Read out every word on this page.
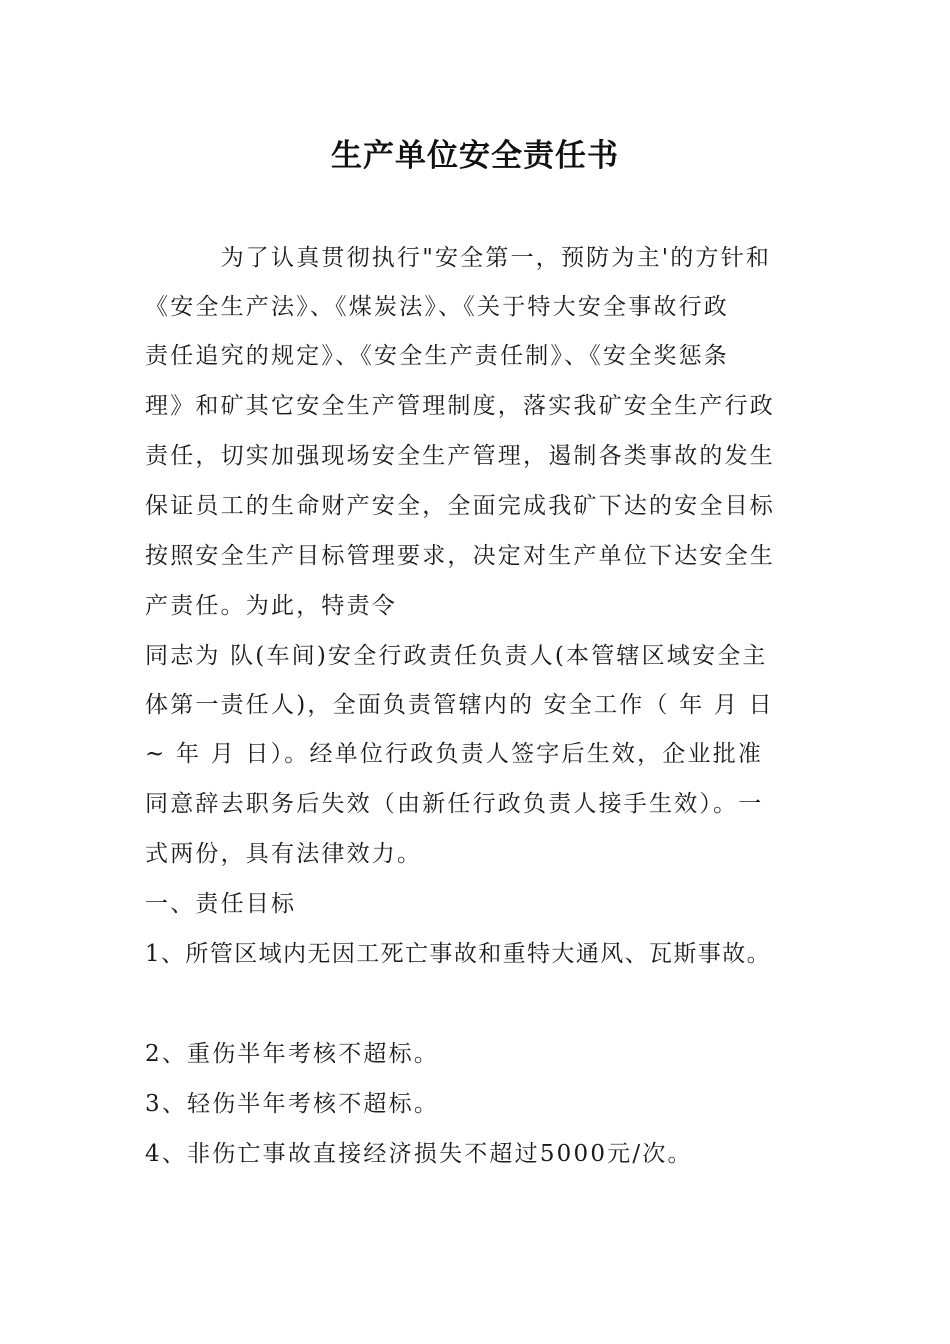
生产单位安全责任书
　　　为了认真贯彻执行"安全第一，预防为主'的方针和
《安全生产法》、《煤炭法》、《关于特大安全事故行政
责任追究的规定》、《安全生产责任制》、《安全奖惩条
理》和矿其它安全生产管理制度，落实我矿安全生产行政
责任，切实加强现场安全生产管理，遏制各类事故的发生
保证员工的生命财产安全，全面完成我矿下达的安全目标
按照安全生产目标管理要求，决定对生产单位下达安全生
产责任。为此，特责令
同志为 队(车间)安全行政责任负责人(本管辖区域安全主
体第一责任人)，全面负责管辖内的 安全工作（ 年 月 日
~ 年 月 日）。经单位行政负责人签字后生效，企业批准
同意辞去职务后失效（由新任行政负责人接手生效）。一
式两份，具有法律效力。
一、责任目标
1、所管区域内无因工死亡事故和重特大通风、瓦斯事故。
2、重伤半年考核不超标。
3、轻伤半年考核不超标。
4、非伤亡事故直接经济损失不超过5000元/次。
